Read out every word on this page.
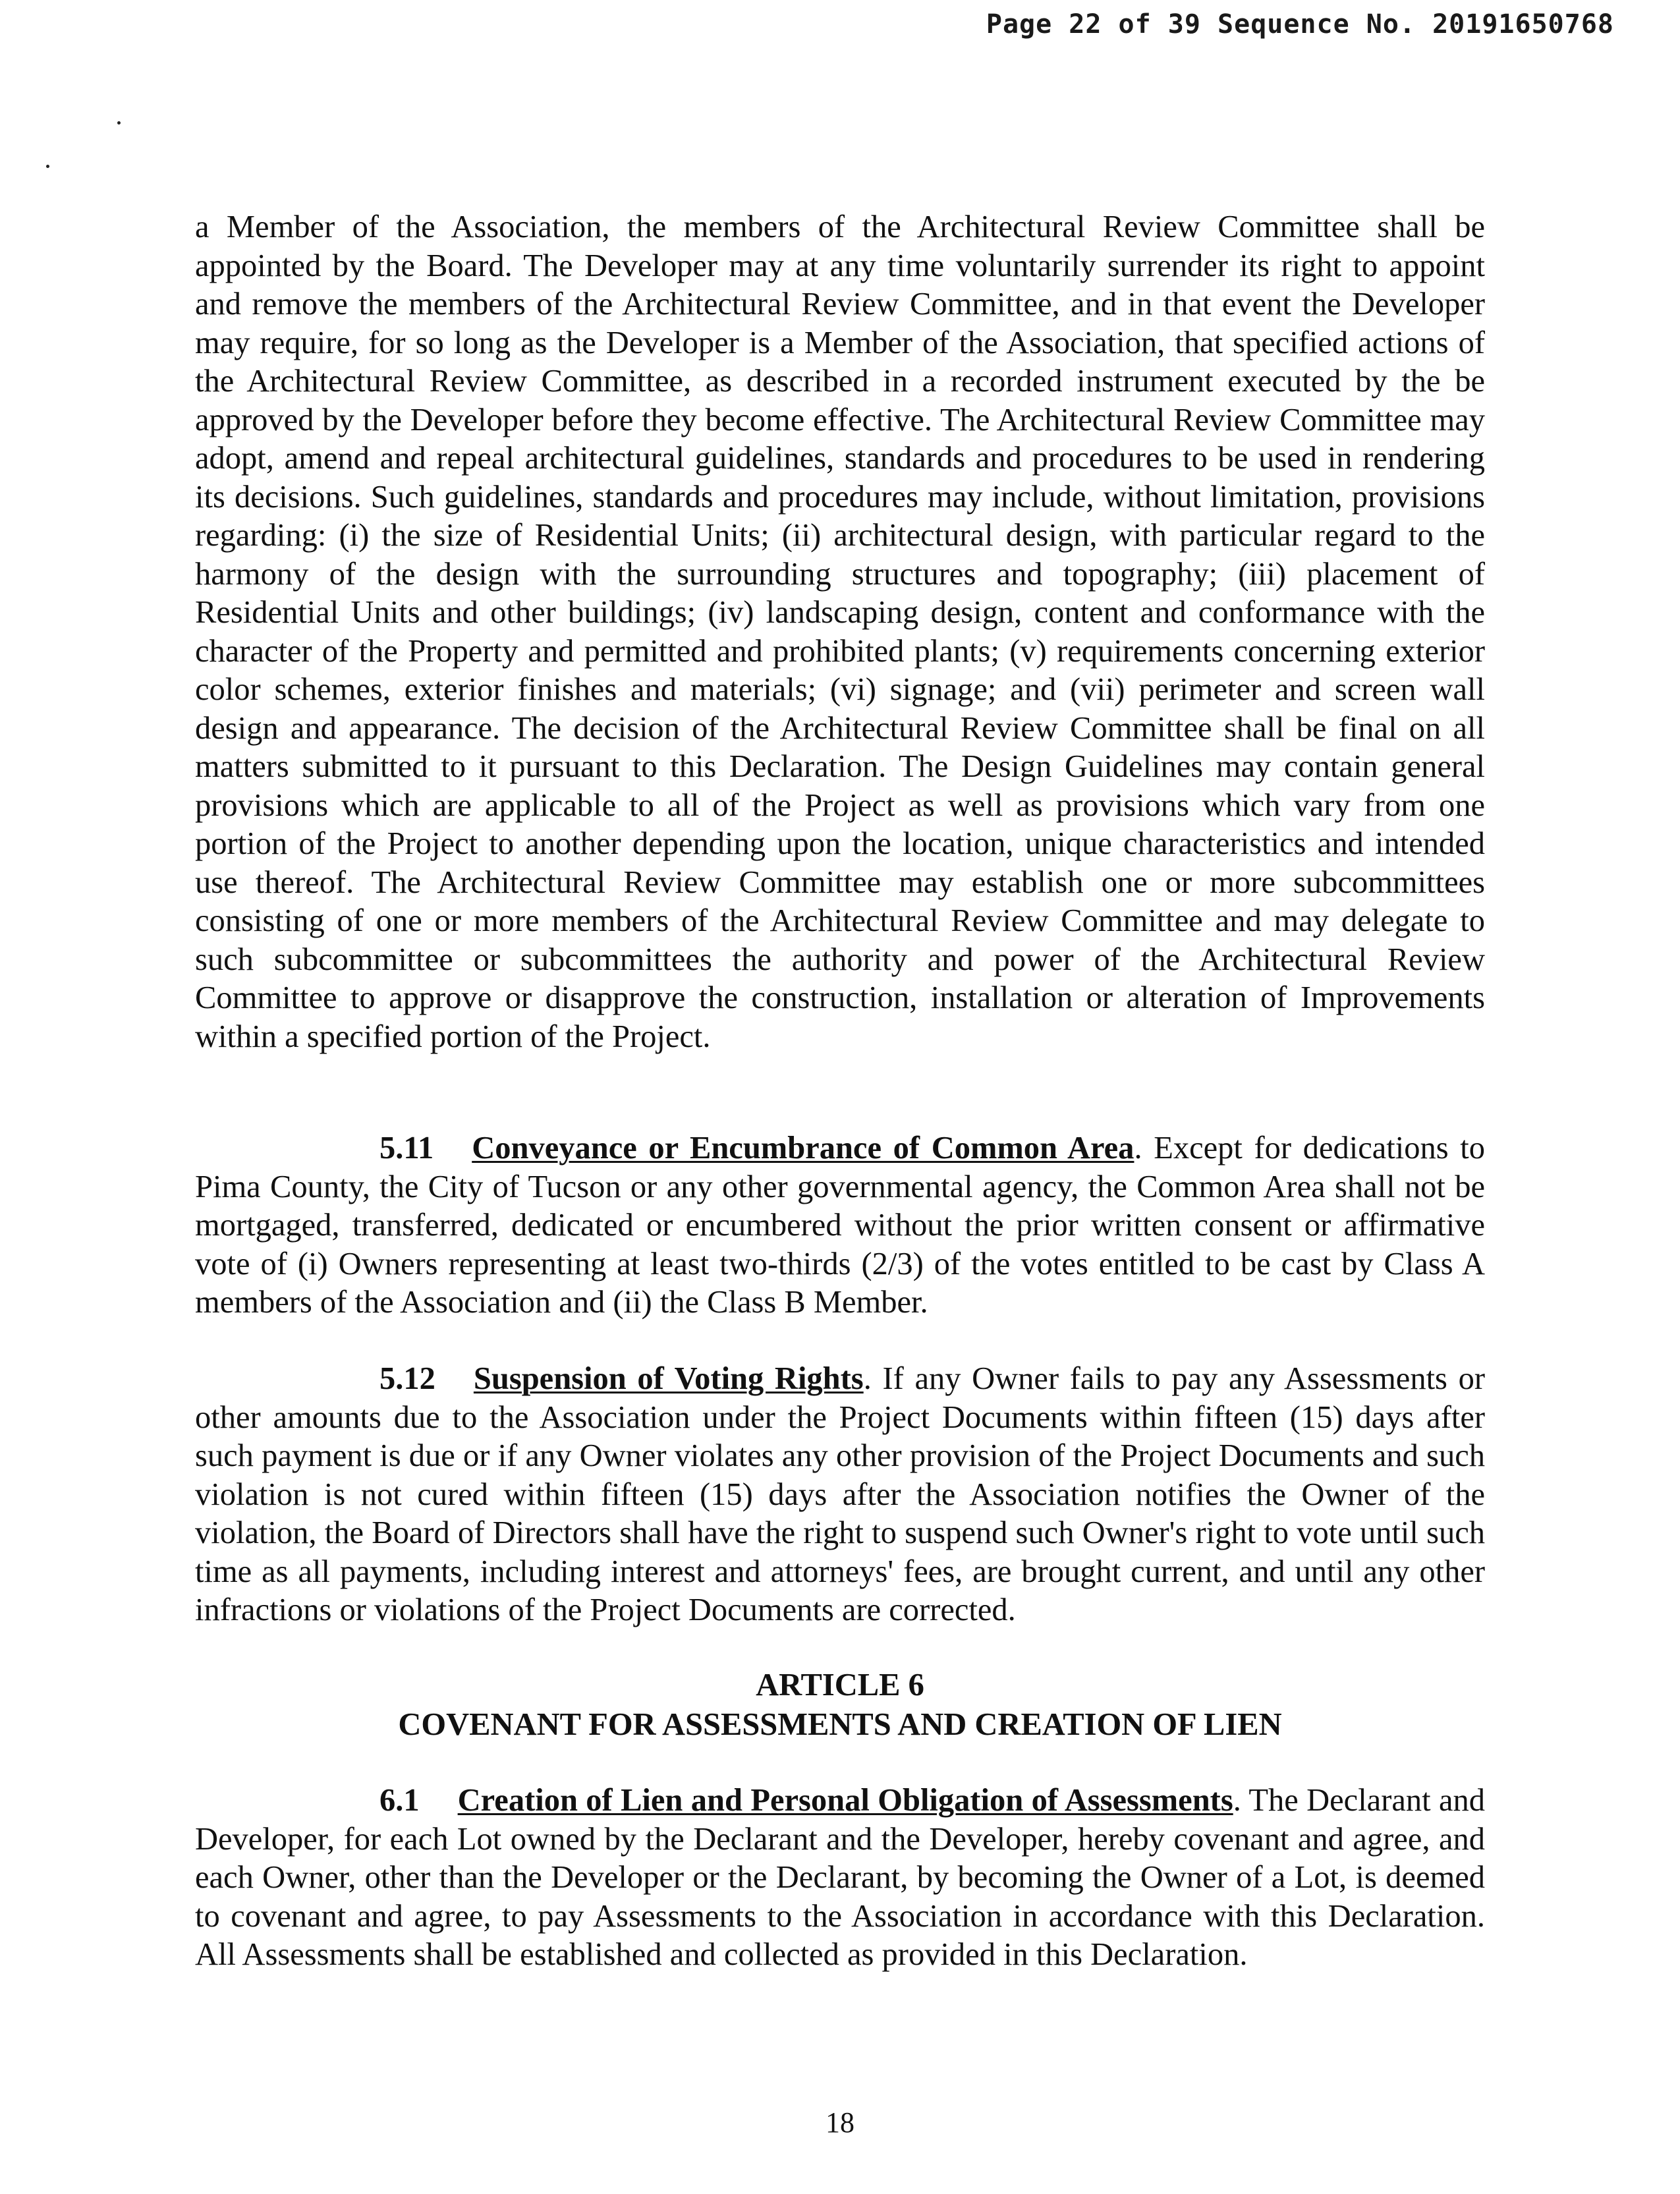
Page 22 of 39 Sequence No. 20191650768

a Member of the Association, the members of the Architectural Review Committee shall be appointed by the Board. The Developer may at any time voluntarily surrender its right to appoint and remove the members of the Architectural Review Committee, and in that event the Developer may require, for so long as the Developer is a Member of the Association, that specified actions of the Architectural Review Committee, as described in a recorded instrument executed by the be approved by the Developer before they become effective. The Architectural Review Committee may adopt, amend and repeal architectural guidelines, standards and procedures to be used in rendering its decisions. Such guidelines, standards and procedures may include, without limitation, provisions regarding: (i) the size of Residential Units; (ii) architectural design, with particular regard to the harmony of the design with the surrounding structures and topography; (iii) placement of Residential Units and other buildings; (iv) landscaping design, content and conformance with the character of the Property and permitted and prohibited plants; (v) requirements concerning exterior color schemes, exterior finishes and materials; (vi) signage; and (vii) perimeter and screen wall design and appearance. The decision of the Architectural Review Committee shall be final on all matters submitted to it pursuant to this Declaration. The Design Guidelines may contain general provisions which are applicable to all of the Project as well as provisions which vary from one portion of the Project to another depending upon the location, unique characteristics and intended use thereof. The Architectural Review Committee may establish one or more subcommittees consisting of one or more members of the Architectural Review Committee and may delegate to such subcommittee or subcommittees the authority and power of the Architectural Review Committee to approve or disapprove the construction, installation or alteration of Improvements within a specified portion of the Project.

5.11 Conveyance or Encumbrance of Common Area. Except for dedications to Pima County, the City of Tucson or any other governmental agency, the Common Area shall not be mortgaged, transferred, dedicated or encumbered without the prior written consent or affirmative vote of (i) Owners representing at least two-thirds (2/3) of the votes entitled to be cast by Class A members of the Association and (ii) the Class B Member.

5.12 Suspension of Voting Rights. If any Owner fails to pay any Assessments or other amounts due to the Association under the Project Documents within fifteen (15) days after such payment is due or if any Owner violates any other provision of the Project Documents and such violation is not cured within fifteen (15) days after the Association notifies the Owner of the violation, the Board of Directors shall have the right to suspend such Owner's right to vote until such time as all payments, including interest and attorneys' fees, are brought current, and until any other infractions or violations of the Project Documents are corrected.

ARTICLE 6
COVENANT FOR ASSESSMENTS AND CREATION OF LIEN

6.1 Creation of Lien and Personal Obligation of Assessments. The Declarant and Developer, for each Lot owned by the Declarant and the Developer, hereby covenant and agree, and each Owner, other than the Developer or the Declarant, by becoming the Owner of a Lot, is deemed to covenant and agree, to pay Assessments to the Association in accordance with this Declaration. All Assessments shall be established and collected as provided in this Declaration.

18
